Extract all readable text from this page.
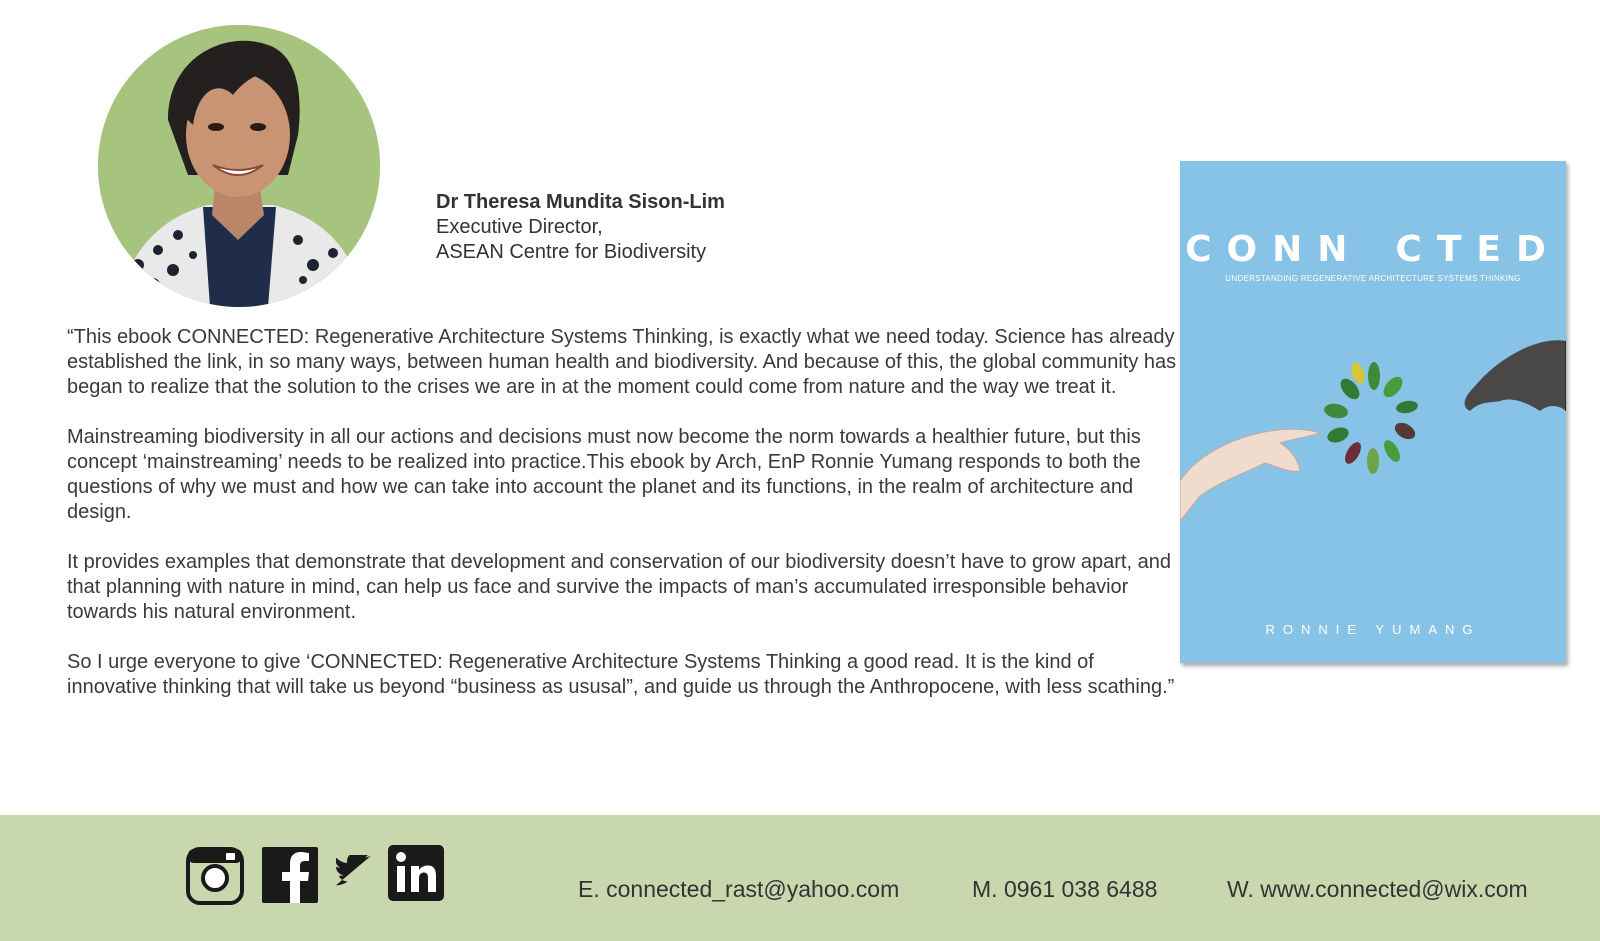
Dr Theresa Mundita Sison-Lim
Executive Director,
ASEAN Centre for Biodiversity

“This ebook CONNECTED: Regenerative Architecture Systems Thinking, is exactly what we need today. Science has already established the link, in so many ways, between human health and biodiversity. And because of this, the global community has began to realize that the solution to the crises we are in at the moment could come from nature and the way we treat it.

Mainstreaming biodiversity in all our actions and decisions must now become the norm towards a healthier future, but this concept ‘mainstreaming’ needs to be realized into practice.This ebook by Arch, EnP Ronnie Yumang responds to both the questions of why we must and how we can take into account the planet and its functions, in the realm of architecture and design.

It provides examples that demonstrate that development and conservation of our biodiversity doesn’t have to grow apart, and that planning with nature in mind, can help us face and survive the impacts of man’s accumulated irresponsible behavior towards his natural environment.

So I urge everyone to give ‘CONNECTED: Regenerative Architecture Systems Thinking a good read. It is the kind of innovative thinking that will take us beyond “business as ususal”, and guide us through the Anthropocene, with less scathing.”

CONN CTED
UNDERSTANDING REGENERATIVE ARCHITECTURE SYSTEMS THINKING
RONNIE YUMANG
E. connected_rast@yahoo.com	M. 0961 038 6488	W. www.connected@wix.com
